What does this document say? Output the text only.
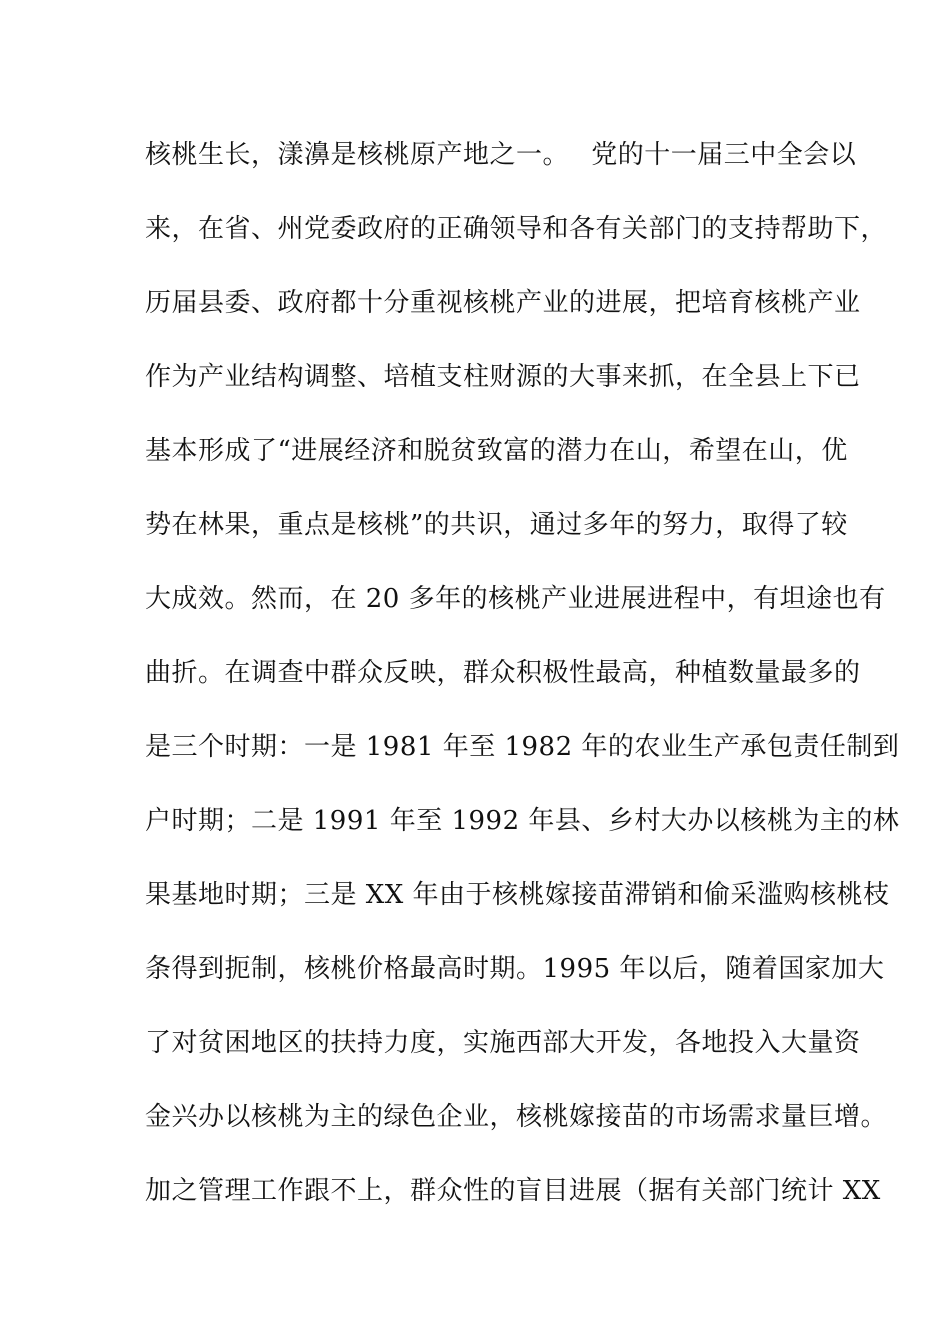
核桃生长，漾濞是核桃原产地之一。　 党的十一届三中全会以
来，在省、州党委政府的正确领导和各有关部门的支持帮助下，
历届县委、政府都十分重视核桃产业的进展，把培育核桃产业
作为产业结构调整、培植支柱财源的大事来抓，在全县上下已
基本形成了“进展经济和脱贫致富的潜力在山，希望在山，优
势在林果，重点是核桃”的共识，通过多年的努力，取得了较
大成效。然而，在 20 多年的核桃产业进展进程中，有坦途也有
曲折。在调查中群众反映，群众积极性最高，种植数量最多的
是三个时期：一是 1981 年至 1982 年的农业生产承包责任制到
户时期；二是 1991 年至 1992 年县、乡村大办以核桃为主的林
果基地时期；三是 XX 年由于核桃嫁接苗滞销和偷采滥购核桃枝
条得到扼制，核桃价格最高时期。1995 年以后，随着国家加大
了对贫困地区的扶持力度，实施西部大开发，各地投入大量资
金兴办以核桃为主的绿色企业，核桃嫁接苗的市场需求量巨增。
加之管理工作跟不上，群众性的盲目进展（据有关部门统计 XX
